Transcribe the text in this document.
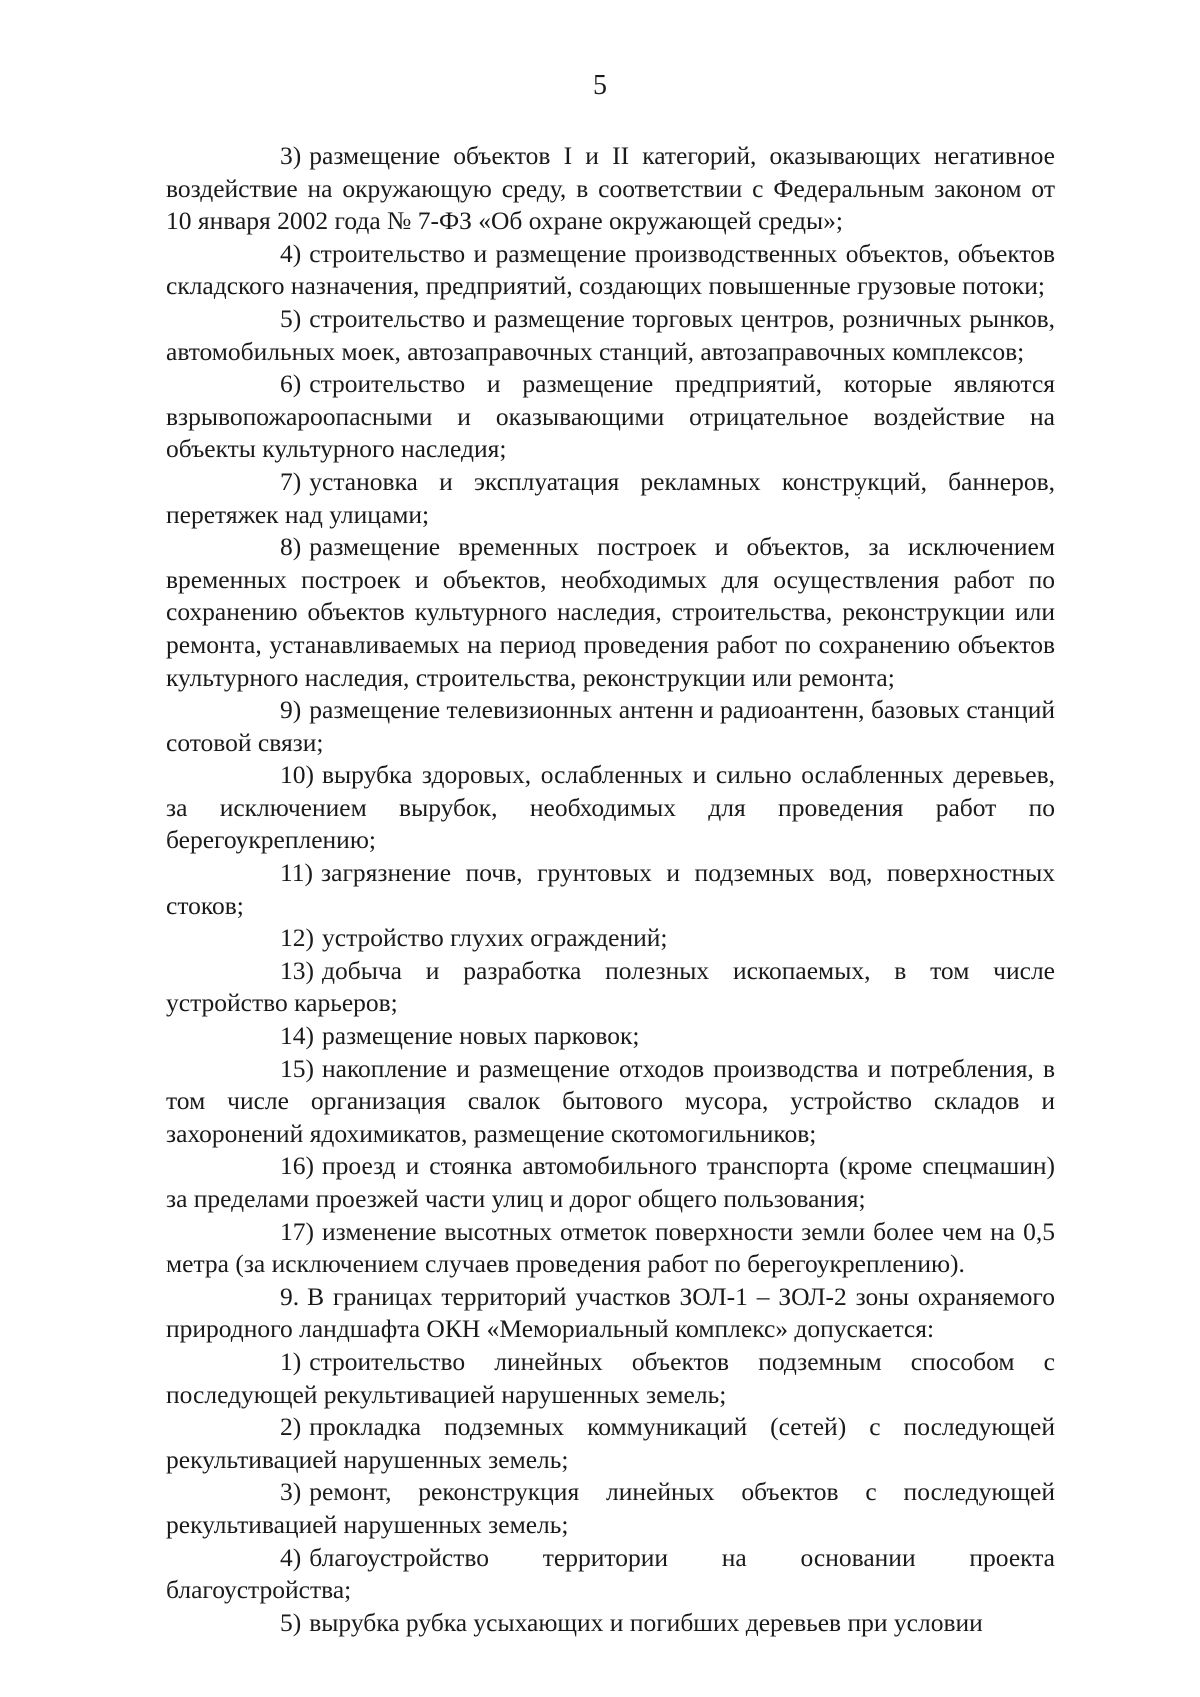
5

3) размещение объектов I и II категорий, оказывающих негативное воздействие на окружающую среду, в соответствии с Федеральным законом от 10 января 2002 года № 7-ФЗ «Об охране окружающей среды»;

4) строительство и размещение производственных объектов, объектов складского назначения, предприятий, создающих повышенные грузовые потоки;

5) строительство и размещение торговых центров, розничных рынков, автомобильных моек, автозаправочных станций, автозаправочных комплексов;

6) строительство и размещение предприятий, которые являются взрывопожароопасными и оказывающими отрицательное воздействие на объекты культурного наследия;

7) установка и эксплуатация рекламных конструкций, баннеров, перетяжек над улицами;

8) размещение временных построек и объектов, за исключением временных построек и объектов, необходимых для осуществления работ по сохранению объектов культурного наследия, строительства, реконструкции или ремонта, устанавливаемых на период проведения работ по сохранению объектов культурного наследия, строительства, реконструкции или ремонта;

9) размещение телевизионных антенн и радиоантенн, базовых станций сотовой связи;

10) вырубка здоровых, ослабленных и сильно ослабленных деревьев, за исключением вырубок, необходимых для проведения работ по берегоукреплению;

11) загрязнение почв, грунтовых и подземных вод, поверхностных стоков;

12) устройство глухих ограждений;

13) добыча и разработка полезных ископаемых, в том числе устройство карьеров;

14) размещение новых парковок;

15) накопление и размещение отходов производства и потребления, в том числе организация свалок бытового мусора, устройство складов и захоронений ядохимикатов, размещение скотомогильников;

16) проезд и стоянка автомобильного транспорта (кроме спецмашин) за пределами проезжей части улиц и дорог общего пользования;

17) изменение высотных отметок поверхности земли более чем на 0,5 метра (за исключением случаев проведения работ по берегоукреплению).

9. В границах территорий участков ЗОЛ-1 – ЗОЛ-2 зоны охраняемого природного ландшафта ОКН «Мемориальный комплекс» допускается:

1) строительство линейных объектов подземным способом с последующей рекультивацией нарушенных земель;

2) прокладка подземных коммуникаций (сетей) с последующей рекультивацией нарушенных земель;

3) ремонт, реконструкция линейных объектов с последующей рекультивацией нарушенных земель;

4) благоустройство территории на основании проекта благоустройства;

5) вырубка рубка усыхающих и погибших деревьев при условии
